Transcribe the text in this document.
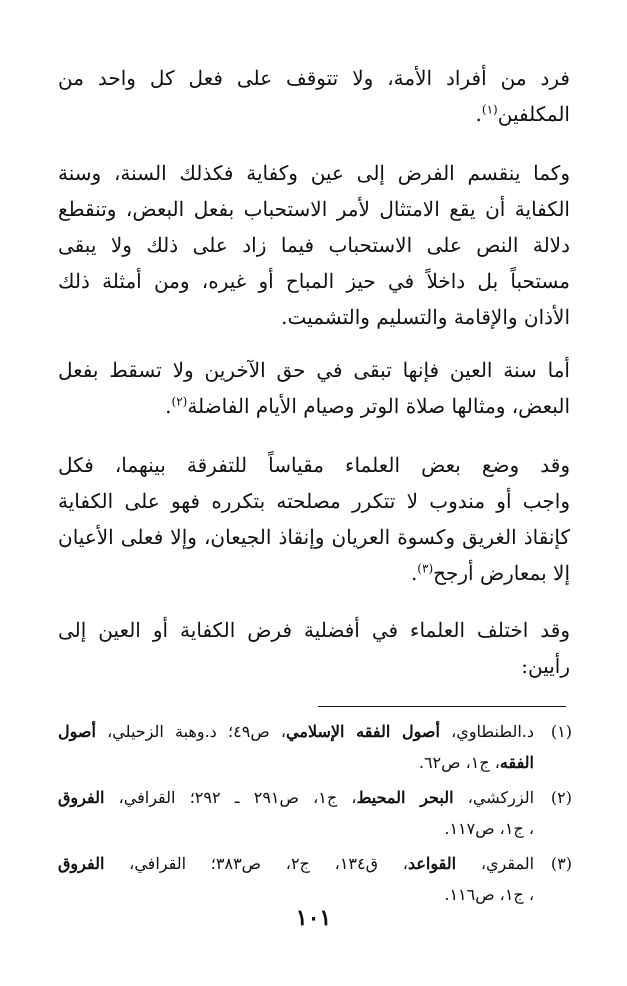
فرد من أفراد الأمة، ولا تتوقف على فعل كل واحد من
المكلفين$^{(١)}$.

وكما ينقسم الفرض إلى عين وكفاية فكذلك السنة، وسنة
الكفاية أن يقع الامتثال لأمر الاستحباب بفعل البعض، وتنقطع
دلالة النص على الاستحباب فيما زاد على ذلك ولا يبقى
مستحباً بل داخلاً في حيز المباح أو غيره، ومن أمثلة ذلك
الأذان والإقامة والتسليم والتشميت.

أما سنة العين فإنها تبقى في حق الآخرين ولا تسقط بفعل
البعض، ومثالها صلاة الوتر وصيام الأيام الفاضلة$^{(٢)}$.

وقد وضع بعض العلماء مقياساً للتفرقة بينهما، فكل
واجب أو مندوب لا تتكرر مصلحته بتكرره فهو على الكفاية
كإنقاذ الغريق وكسوة العريان وإنقاذ الجيعان، وإلا فعلى الأعيان
إلا بمعارض أرجح$^{(٣)}$.

وقد اختلف العلماء في أفضلية فرض الكفاية أو العين إلى
رأيين:

(١)
د.الطنطاوي، أصول الفقه الإسلامي، ص٤٩؛ د.وهبة الزحيلي، أصول
الفقه، ج١، ص٦٢.
(٢)
الزركشي، البحر المحيط، ج١، ص٢٩١ ـ ٢٩٢؛ القرافي، الفروق
، ج١، ص١١٧.
(٣)
المقري، القواعد، ق١٣٤، ج٢، ص٣٨٣؛ القرافي، الفروق
، ج١، ص١١٦.
١٠١
